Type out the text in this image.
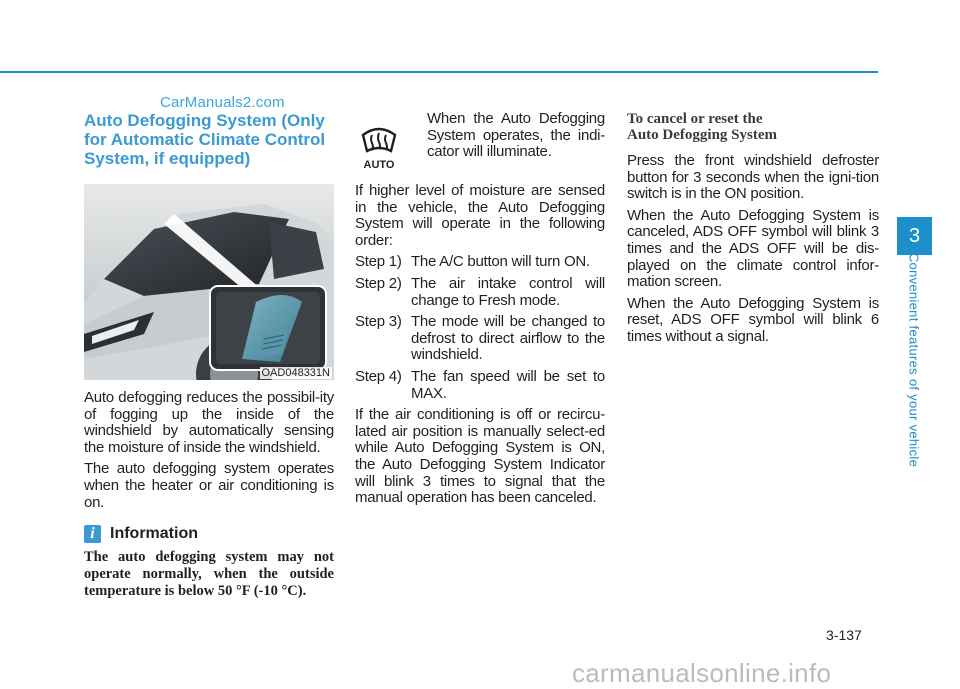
CarManuals2.com
Auto Defogging System (Only for Automatic Climate Control System, if equipped)
OAD048331N

Auto defogging reduces the possibil-ity of fogging up the inside of the windshield by automatically sensing the moisture of inside the windshield.

The auto defogging system operates when the heater or air conditioning is on.

i Information

The auto defogging system may not operate normally, when the outside temperature is below 50 °F (-10 °C).

AUTO

When the Auto Defogging System operates, the indi-cator will illuminate.

If higher level of moisture are sensed in the vehicle, the Auto Defogging System will operate in the following order:

Step 1) The A/C button will turn ON.
Step 2) The air intake control will change to Fresh mode.
Step 3) The mode will be changed to defrost to direct airflow to the windshield.
Step 4) The fan speed will be set to MAX.

If the air conditioning is off or recircu-lated air position is manually select-ed while Auto Defogging System is ON, the Auto Defogging System Indicator will blink 3 times to signal that the manual operation has been canceled.

To cancel or reset the
Auto Defogging System

Press the front windshield defroster button for 3 seconds when the igni-tion switch is in the ON position.

When the Auto Defogging System is canceled, ADS OFF symbol will blink 3 times and the ADS OFF will be dis-played on the climate control infor-mation screen.

When the Auto Defogging System is reset, ADS OFF symbol will blink 6 times without a signal.

3
Convenient features of your vehicle
3-137
carmanualsonline.info
